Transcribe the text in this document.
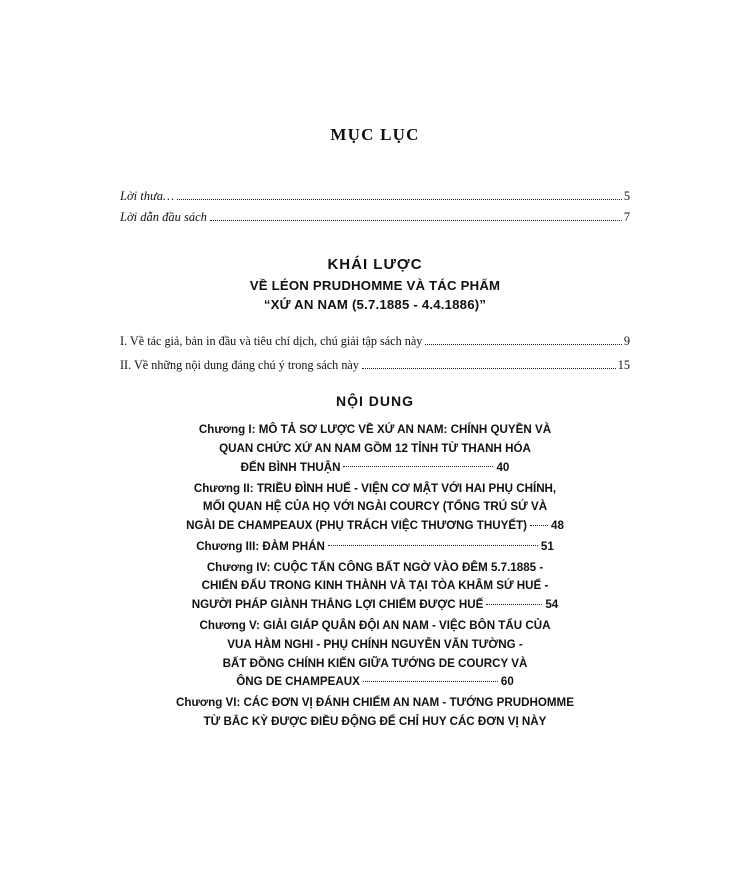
MỤC LỤC
Lời thưa…	5
Lời dẫn đầu sách	7
KHÁI LƯỢC
VỀ LÉON PRUDHOMME VÀ TÁC PHẨM
“XỨ AN NAM (5.7.1885 - 4.4.1886)”
I. Về tác giả, bản in đầu và tiêu chí dịch, chú giải tập sách này	9
II. Về những nội dung đáng chú ý trong sách này	15
NỘI DUNG
Chương I: MÔ TẢ SƠ LƯỢC VỀ XỨ AN NAM: CHÍNH QUYỀN VÀ
QUAN CHỨC XỨ AN NAM GỒM 12 TỈNH TỪ THANH HÓA
ĐẾN BÌNH THUẬN	40
Chương II: TRIỀU ĐÌNH HUẾ - VIỆN CƠ MẬT VỚI HAI PHỤ CHÍNH,
MỐI QUAN HỆ CỦA HỌ VỚI NGÀI COURCY (TỔNG TRÚ SỨ VÀ
NGÀI DE CHAMPEAUX (PHỤ TRÁCH VIỆC THƯƠNG THUYẾT) 48
Chương III: ĐÀM PHÁN	51
Chương IV: CUỘC TẤN CÔNG BẤT NGỜ VÀO ĐÊM 5.7.1885 -
CHIẾN ĐẤU TRONG KINH THÀNH VÀ TẠI TÒA KHÂM SỨ HUẾ -
NGƯỜI PHÁP GIÀNH THẮNG LỢI CHIẾM ĐƯỢC HUẾ	54
Chương V: GIẢI GIÁP QUÂN ĐỘI AN NAM - VIỆC BÔN TẨU CỦA
VUA HÀM NGHI - PHỤ CHÍNH NGUYỄN VĂN TƯỜNG -
BẤT ĐỒNG CHÍNH KIẾN GIỮA TƯỚNG DE COURCY VÀ
ÔNG DE CHAMPEAUX	60
Chương VI: CÁC ĐƠN VỊ ĐÁNH CHIẾM AN NAM - TƯỚNG PRUDHOMME
TỪ BẮC KỲ ĐƯỢC ĐIỀU ĐỘNG ĐỂ CHỈ HUY CÁC ĐƠN VỊ NÀY
